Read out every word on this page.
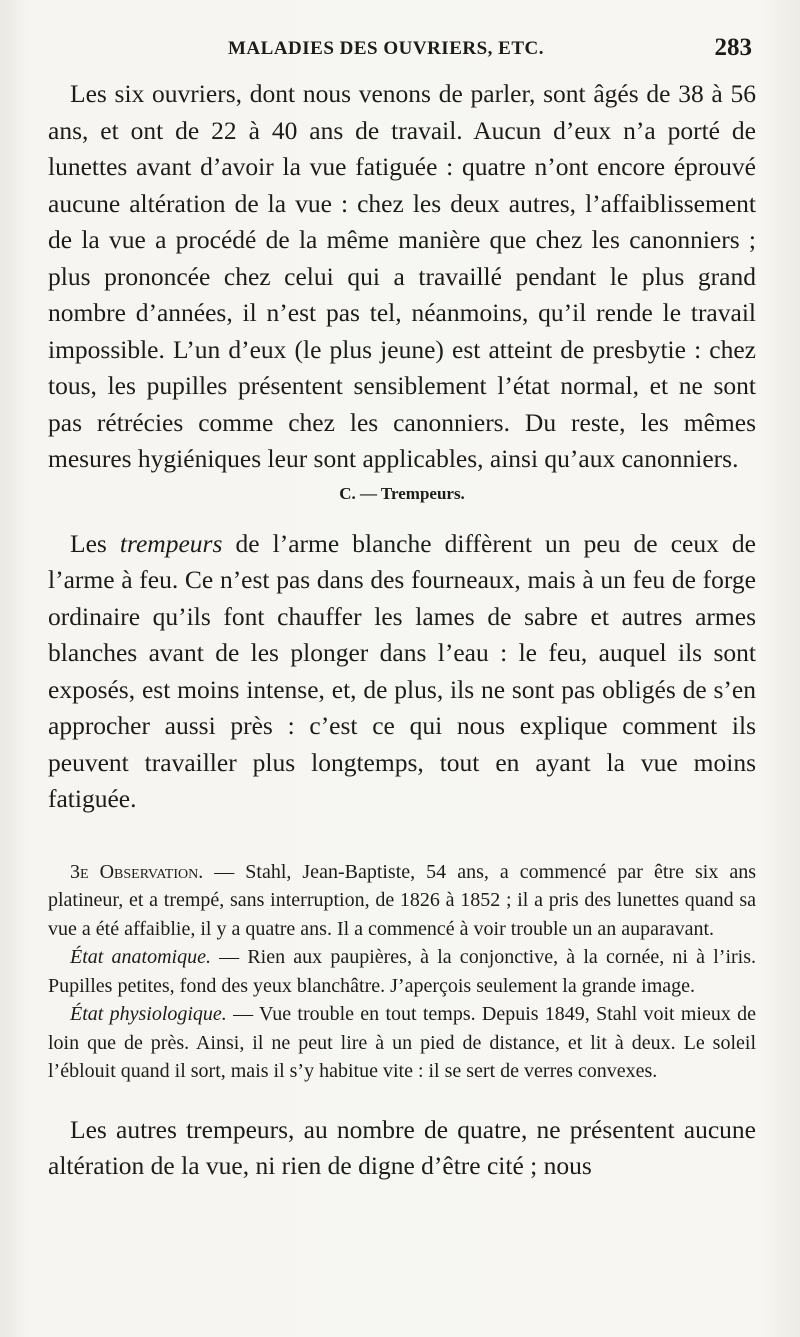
MALADIES DES OUVRIERS, ETC.	283

Les six ouvriers, dont nous venons de parler, sont âgés de 38 à 56 ans, et ont de 22 à 40 ans de travail. Aucun d’eux n’a porté de lunettes avant d’avoir la vue fatiguée : quatre n’ont encore éprouvé aucune altération de la vue : chez les deux autres, l’affaiblissement de la vue a procédé de la même manière que chez les canonniers ; plus prononcée chez celui qui a travaillé pendant le plus grand nombre d’années, il n’est pas tel, néanmoins, qu’il rende le travail impossible. L’un d’eux (le plus jeune) est atteint de presbytie : chez tous, les pupilles présentent sensiblement l’état normal, et ne sont pas rétrécies comme chez les canonniers. Du reste, les mêmes mesures hygiéniques leur sont applicables, ainsi qu’aux canonniers.

C. — Trempeurs.

Les trempeurs de l’arme blanche diffèrent un peu de ceux de l’arme à feu. Ce n’est pas dans des fourneaux, mais à un feu de forge ordinaire qu’ils font chauffer les lames de sabre et autres armes blanches avant de les plonger dans l’eau : le feu, auquel ils sont exposés, est moins intense, et, de plus, ils ne sont pas obligés de s’en approcher aussi près : c’est ce qui nous explique comment ils peuvent travailler plus longtemps, tout en ayant la vue moins fatiguée.

3e Observation. — Stahl, Jean-Baptiste, 54 ans, a commencé par être six ans platineur, et a trempé, sans interruption, de 1826 à 1852 ; il a pris des lunettes quand sa vue a été affaiblie, il y a quatre ans. Il a commencé à voir trouble un an auparavant.

État anatomique. — Rien aux paupières, à la conjonctive, à la cornée, ni à l’iris. Pupilles petites, fond des yeux blanchâtre. J’aperçois seulement la grande image.

État physiologique. — Vue trouble en tout temps. Depuis 1849, Stahl voit mieux de loin que de près. Ainsi, il ne peut lire à un pied de distance, et lit à deux. Le soleil l’éblouit quand il sort, mais il s’y habitue vite : il se sert de verres convexes.

Les autres trempeurs, au nombre de quatre, ne présentent aucune altération de la vue, ni rien de digne d’être cité ; nous
